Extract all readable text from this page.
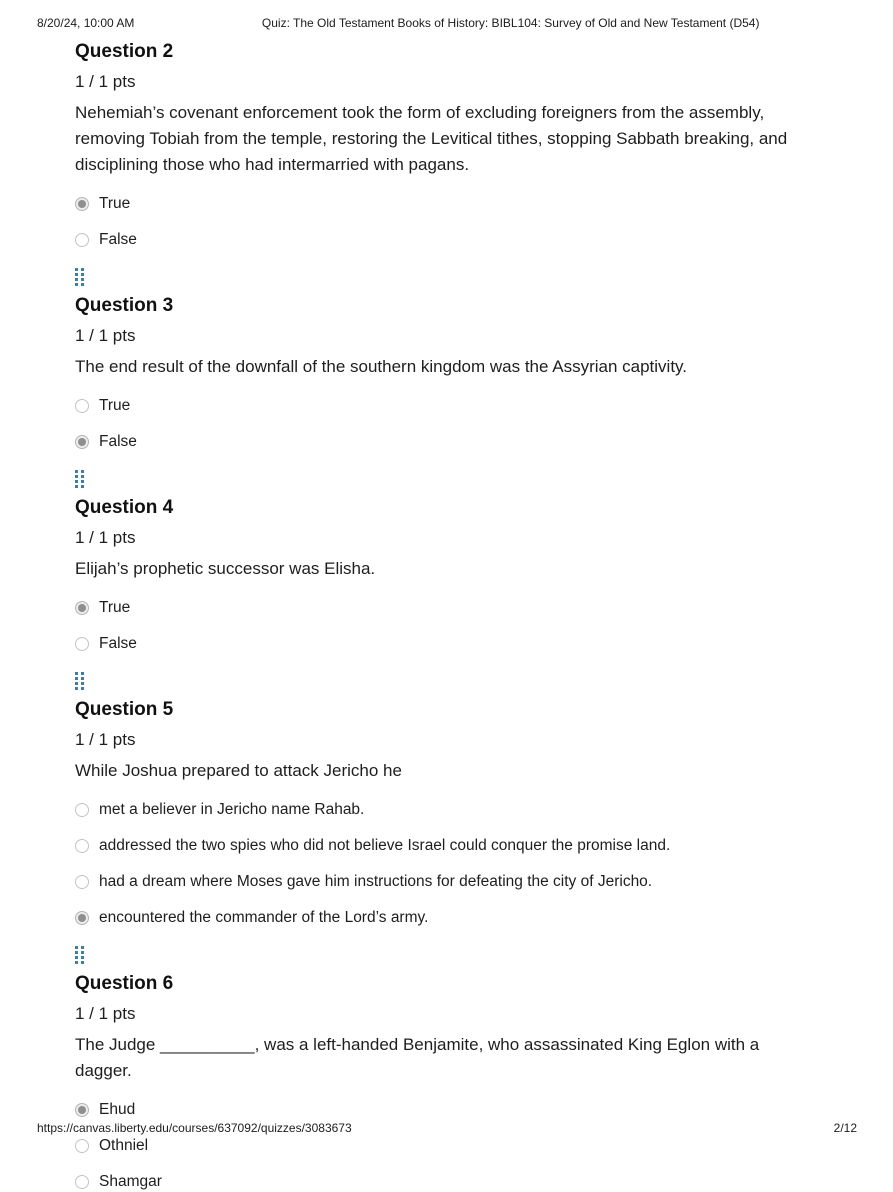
8/20/24, 10:00 AM	Quiz: The Old Testament Books of History: BIBL104: Survey of Old and New Testament (D54)
Question 2
1 / 1 pts
Nehemiah’s covenant enforcement took the form of excluding foreigners from the assembly, removing Tobiah from the temple, restoring the Levitical tithes, stopping Sabbath breaking, and disciplining those who had intermarried with pagans.
True
False
Question 3
1 / 1 pts
The end result of the downfall of the southern kingdom was the Assyrian captivity.
True
False
Question 4
1 / 1 pts
Elijah’s prophetic successor was Elisha.
True
False
Question 5
1 / 1 pts
While Joshua prepared to attack Jericho he
met a believer in Jericho name Rahab.
addressed the two spies who did not believe Israel could conquer the promise land.
had a dream where Moses gave him instructions for defeating the city of Jericho.
encountered the commander of the Lord’s army.
Question 6
1 / 1 pts
The Judge __________, was a left-handed Benjamite, who assassinated King Eglon with a dagger.
Ehud
Othniel
Shamgar
https://canvas.liberty.edu/courses/637092/quizzes/3083673	2/12
